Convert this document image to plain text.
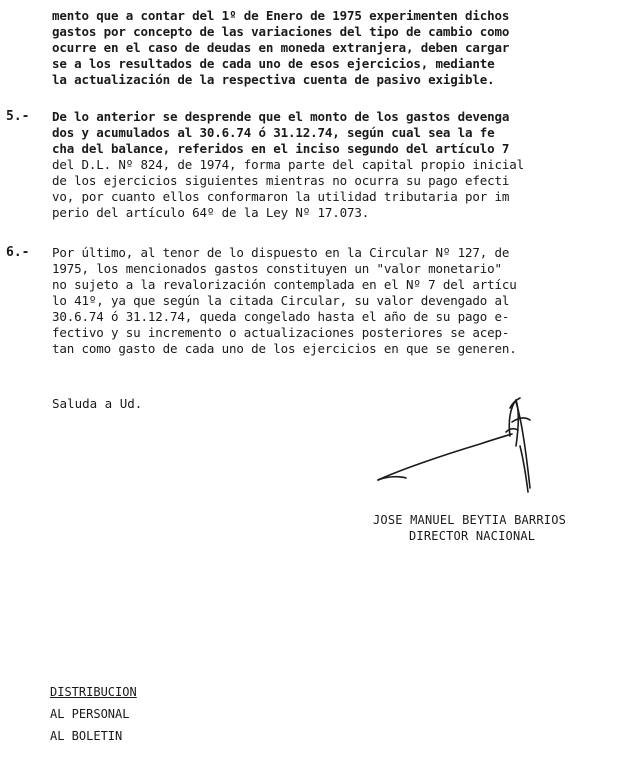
mento que a contar del 1º de Enero de 1975 experimenten dichos
gastos por concepto de las variaciones del tipo de cambio como
ocurre en el caso de deudas en moneda extranjera, deben cargar
se a los resultados de cada uno de esos ejercicios, mediante
la actualización de la respectiva cuenta de pasivo exigible.
5.- De lo anterior se desprende que el monto de los gastos devenga
dos y acumulados al 30.6.74 ó 31.12.74, según cual sea la fe
cha del balance, referidos en el inciso segundo del artículo 7
del D.L. Nº 824, de 1974, forma parte del capital propio inicial
de los ejercicios siguientes mientras no ocurra su pago efecti
vo, por cuanto ellos conformaron la utilidad tributaria por im
perio del artículo 64º de la Ley Nº 17.073.
6.- Por último, al tenor de lo dispuesto en la Circular Nº 127, de
1975, los mencionados gastos constituyen un "valor monetario"
no sujeto a la revalorización contemplada en el Nº 7 del artícu
lo 41º, ya que según la citada Circular, su valor devengado al
30.6.74 ó 31.12.74, queda congelado hasta el año de su pago e-
fectivo y su incremento o actualizaciones posteriores se acep-
tan como gasto de cada uno de los ejercicios en que se generen.
Saluda a Ud.
JOSE MANUEL BEYTIA BARRIOS
DIRECTOR NACIONAL
DISTRIBUCION
AL PERSONAL
AL BOLETIN
